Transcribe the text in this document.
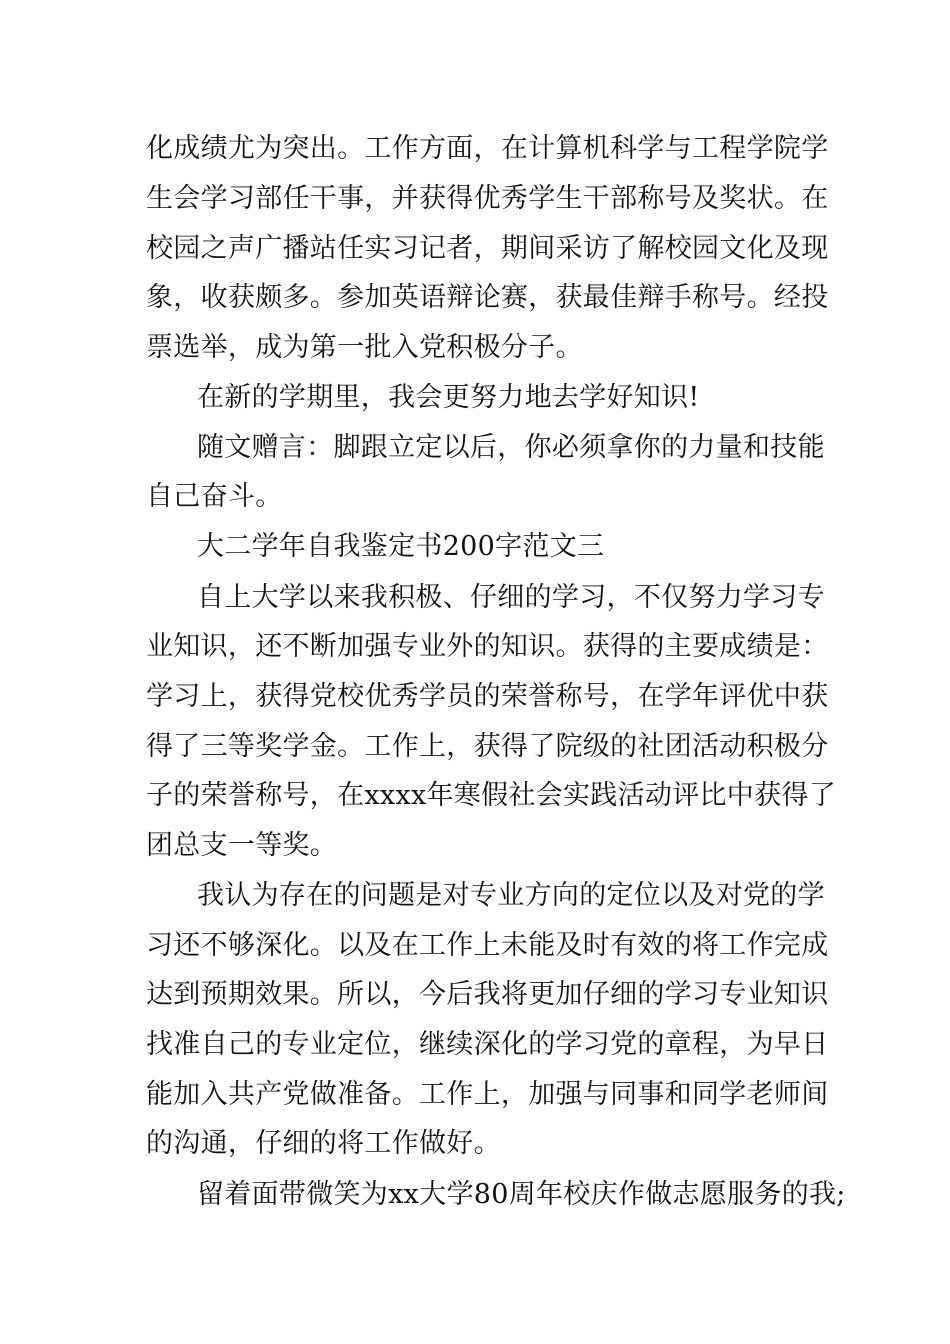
化成绩尤为突出。工作方面，在计算机科学与工程学院学

生会学习部任干事，并获得优秀学生干部称号及奖状。在

校园之声广播站任实习记者，期间采访了解校园文化及现

象，收获颇多。参加英语辩论赛，获最佳辩手称号。经投

票选举，成为第一批入党积极分子。

在新的学期里，我会更努力地去学好知识!

随文赠言：脚跟立定以后，你必须拿你的力量和技能

自己奋斗。

大二学年自我鉴定书200字范文三

自上大学以来我积极、仔细的学习，不仅努力学习专

业知识，还不断加强专业外的知识。获得的主要成绩是：

学习上，获得党校优秀学员的荣誉称号，在学年评优中获

得了三等奖学金。工作上，获得了院级的社团活动积极分

子的荣誉称号，在xxxx年寒假社会实践活动评比中获得了

团总支一等奖。

我认为存在的问题是对专业方向的定位以及对党的学

习还不够深化。以及在工作上未能及时有效的将工作完成

达到预期效果。所以，今后我将更加仔细的学习专业知识

找准自己的专业定位，继续深化的学习党的章程，为早日

能加入共产党做准备。工作上，加强与同事和同学老师间

的沟通，仔细的将工作做好。

留着面带微笑为xx大学80周年校庆作做志愿服务的我;
